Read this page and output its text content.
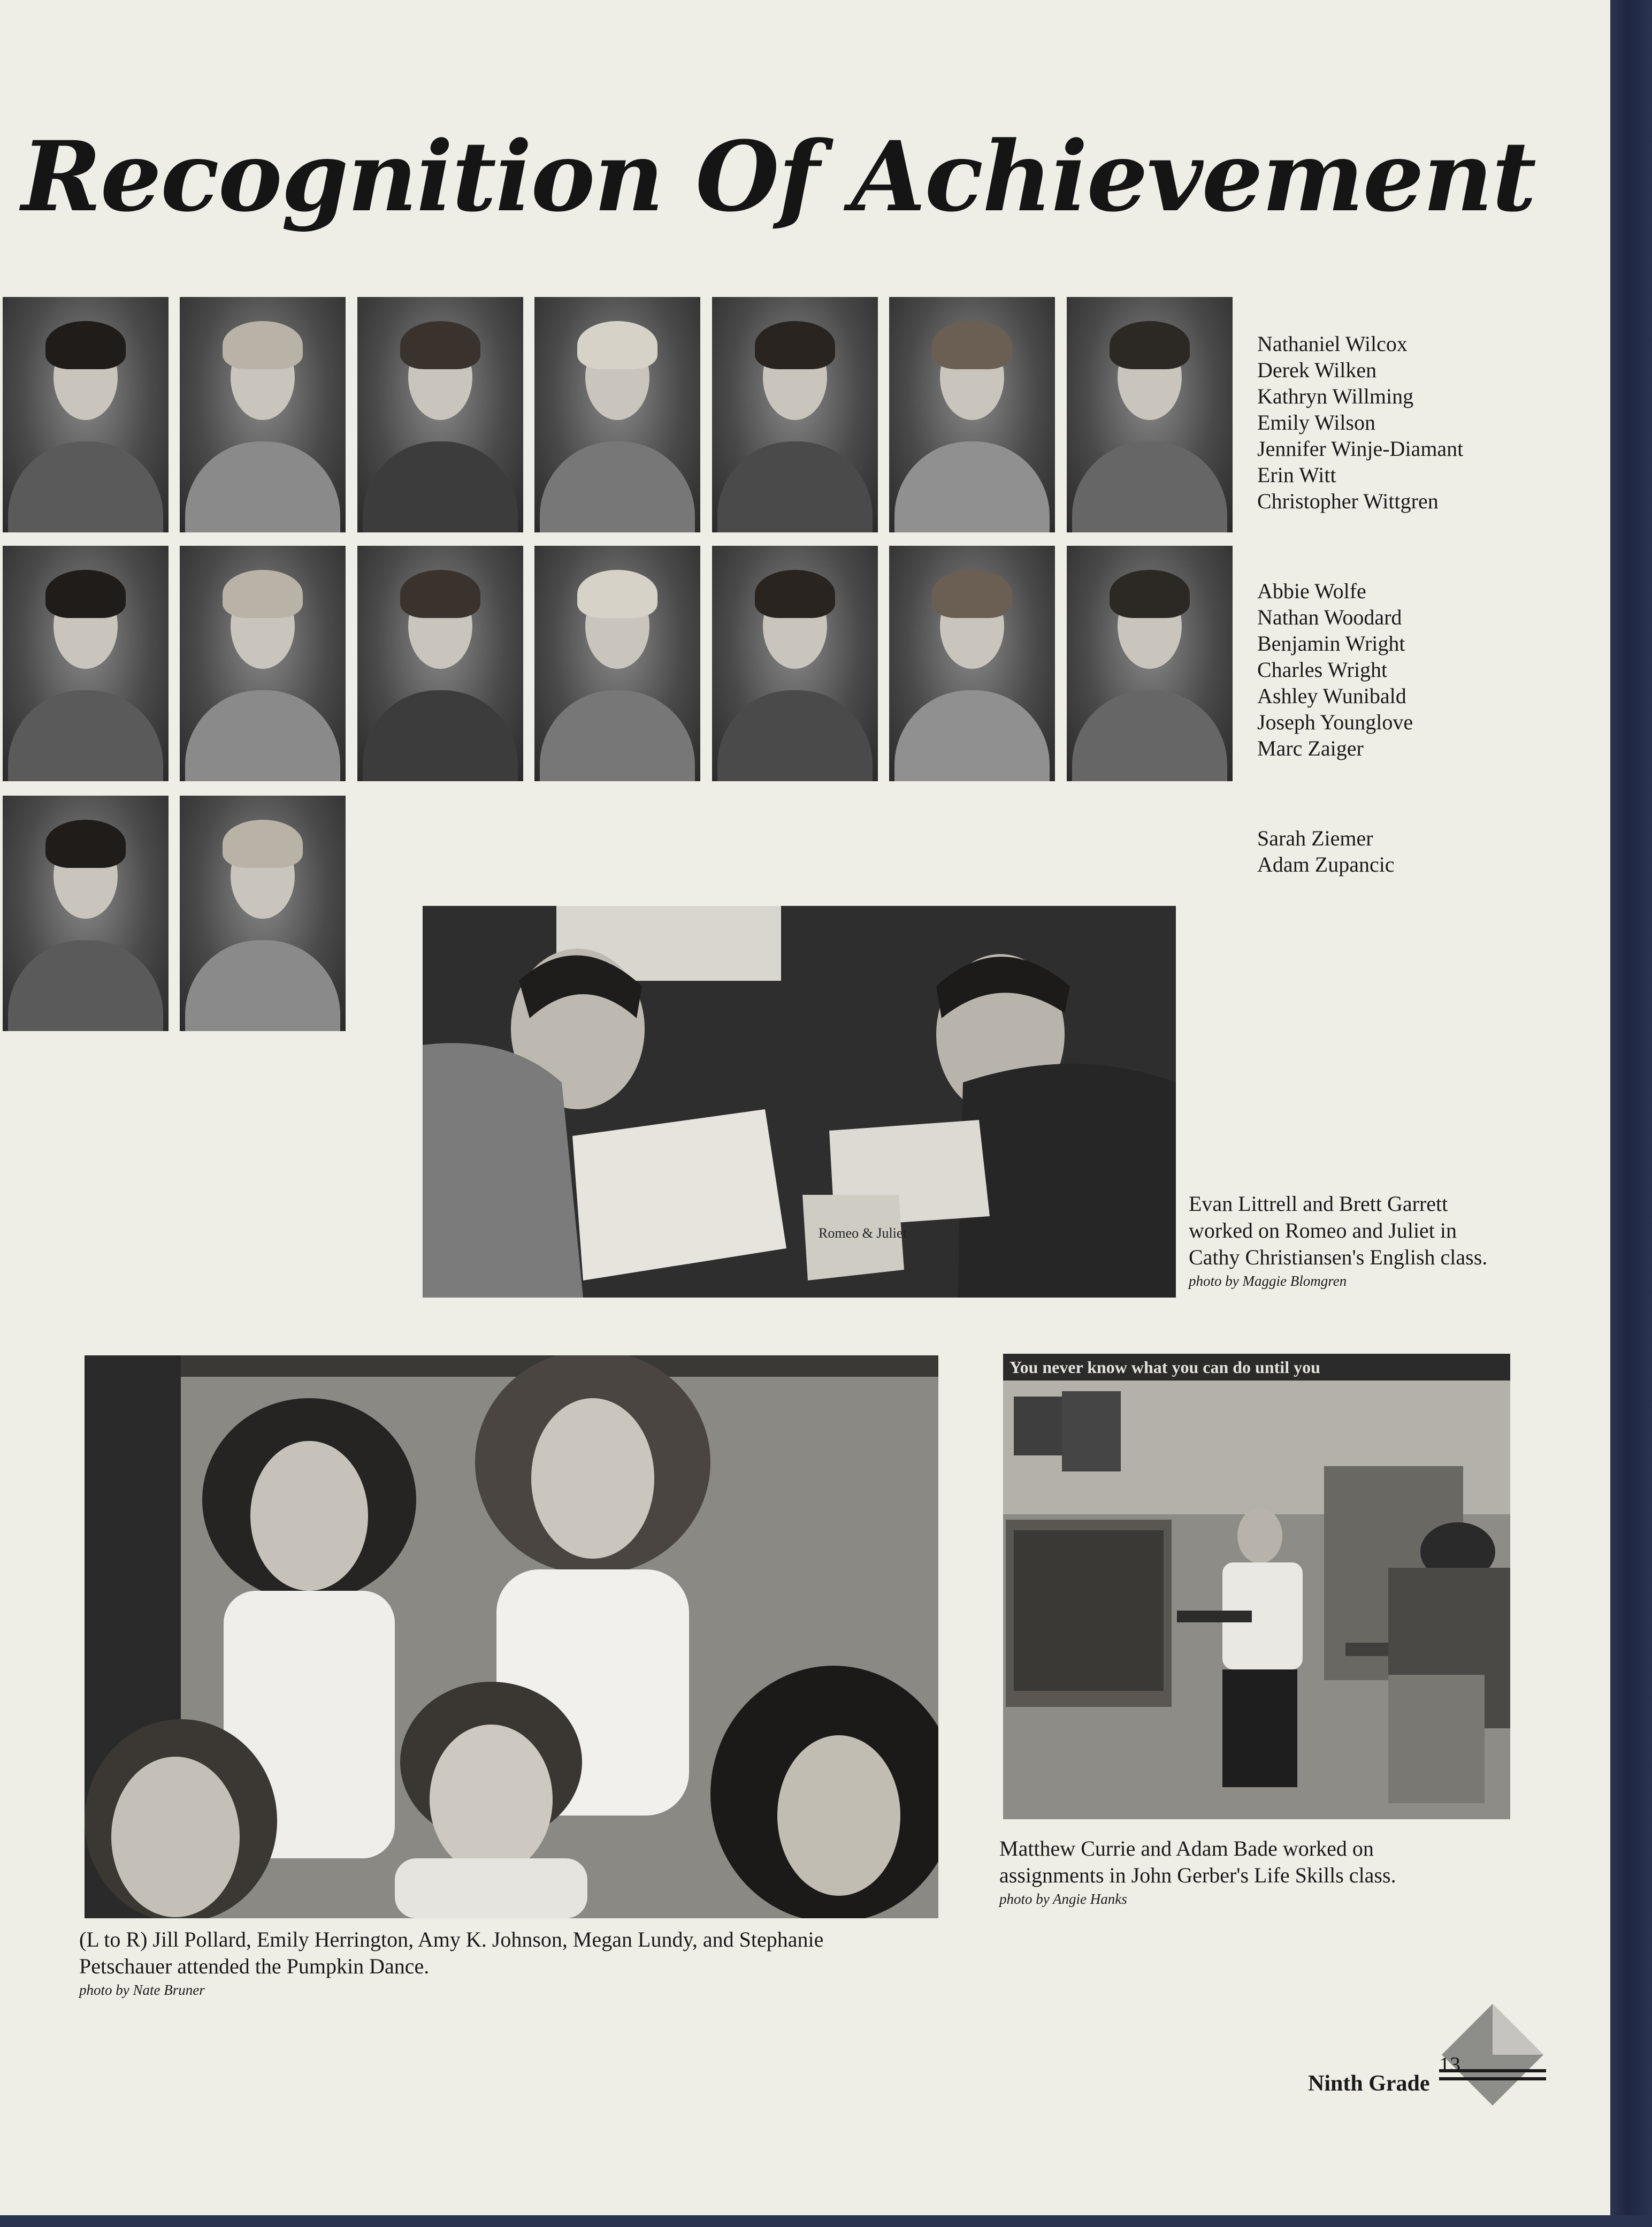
Recognition Of Achievement
Nathaniel Wilcox
Derek Wilken
Kathryn Willming
Emily Wilson
Jennifer Winje-Diamant
Erin Witt
Christopher Wittgren
Abbie Wolfe
Nathan Woodard
Benjamin Wright
Charles Wright
Ashley Wunibald
Joseph Younglove
Marc Zaiger
Sarah Ziemer
Adam Zupancic
Romeo & Juliet
Evan Littrell and Brett Garrett
worked on Romeo and Juliet in
Cathy Christiansen's English class.
photo by Maggie Blomgren
You never know what you can do until you
Matthew Currie and Adam Bade worked on
assignments in John Gerber's Life Skills class.
photo by Angie Hanks
(L to R) Jill Pollard, Emily Herrington, Amy K. Johnson, Megan Lundy, and Stephanie
Petschauer attended the Pumpkin Dance.
photo by Nate Bruner
Ninth Grade
13
